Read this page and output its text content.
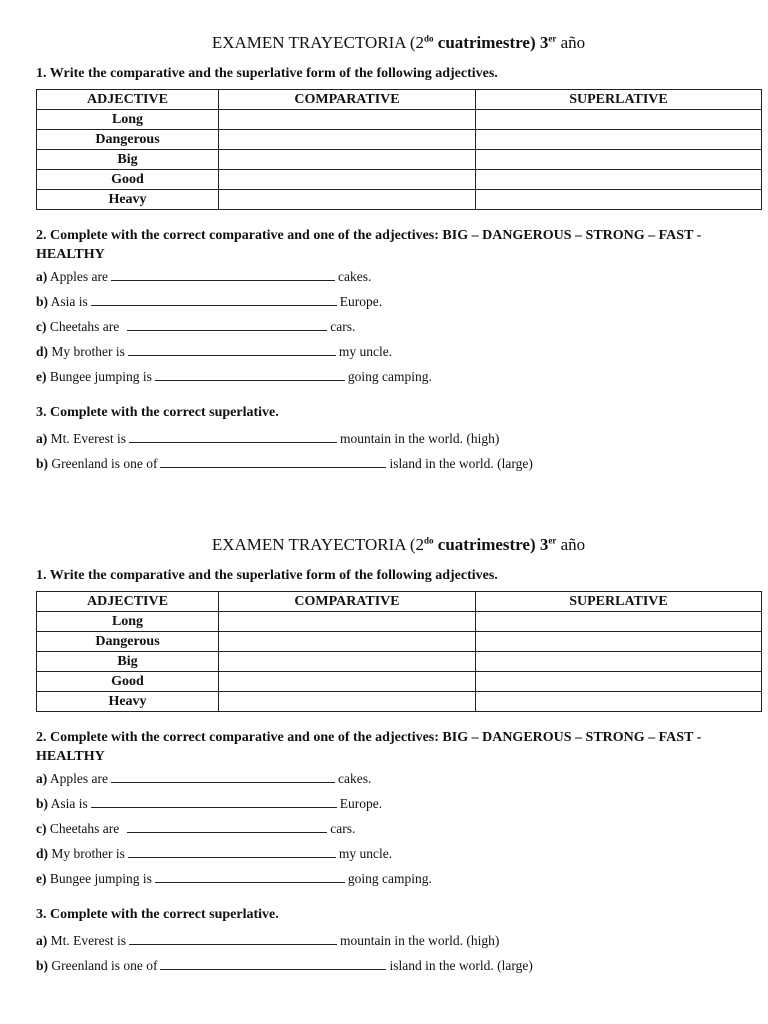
EXAMEN TRAYECTORIA ($2^{do}$ cuatrimestre) 3er año

1. Write the comparative and the superlative form of the following adjectives.

ADJECTIVE	COMPARATIVE	SUPERLATIVE
Long		
Dangerous		
Big		
Good		
Heavy		

2. Complete with the correct comparative and one of the adjectives: BIG – DANGEROUS – STRONG – FAST - HEALTHY

a) Apples are	cakes.

b) Asia is	Europe.

c) Cheetahs are	cars.

d) My brother is	my uncle.

e) Bungee jumping is	going camping.

3. Complete with the correct superlative.

a) Mt. Everest is	mountain in the world. (high)

b) Greenland is one of	island in the world. (large)

EXAMEN TRAYECTORIA ($2^{do}$ cuatrimestre) 3er año

1. Write the comparative and the superlative form of the following adjectives.

ADJECTIVE	COMPARATIVE	SUPERLATIVE
Long		
Dangerous		
Big		
Good		
Heavy		

2. Complete with the correct comparative and one of the adjectives: BIG – DANGEROUS – STRONG – FAST - HEALTHY

a) Apples are	cakes.

b) Asia is	Europe.

c) Cheetahs are	cars.

d) My brother is	my uncle.

e) Bungee jumping is	going camping.

3. Complete with the correct superlative.

a) Mt. Everest is	mountain in the world. (high)

b) Greenland is one of	island in the world. (large)
